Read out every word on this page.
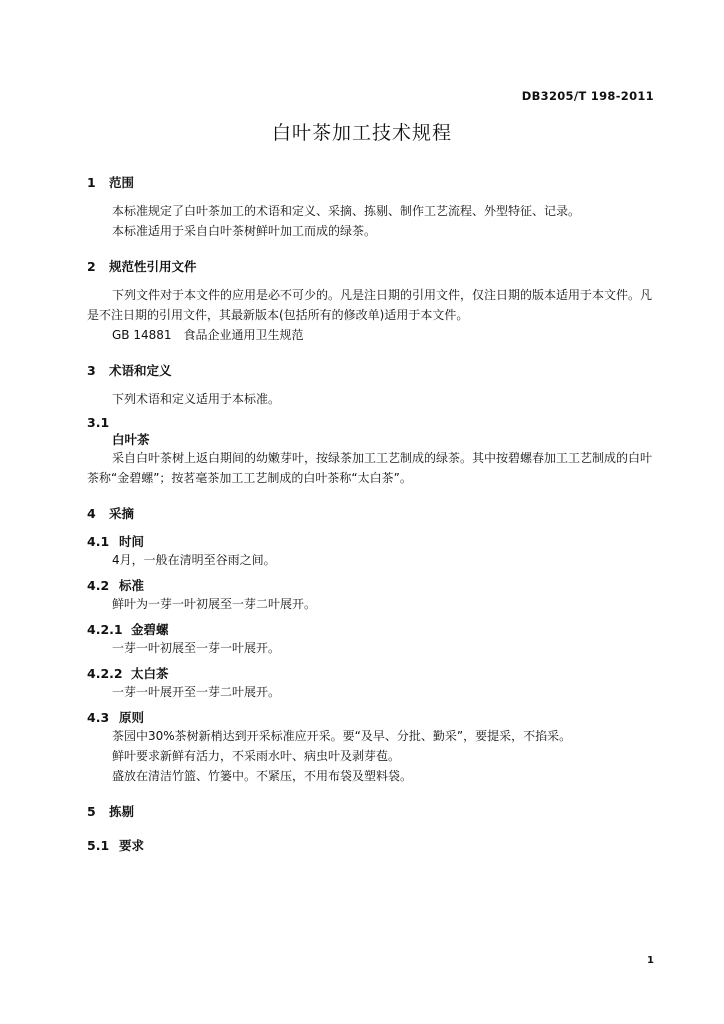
DB3205/T 198-2011
白叶茶加工技术规程
1 范围
本标准规定了白叶茶加工的术语和定义、采摘、拣剔、制作工艺流程、外型特征、记录。
本标准适用于采自白叶茶树鲜叶加工而成的绿茶。
2 规范性引用文件
下列文件对于本文件的应用是必不可少的。凡是注日期的引用文件，仅注日期的版本适用于本文件。凡是不注日期的引用文件，其最新版本(包括所有的修改单)适用于本文件。
GB 14881　食品企业通用卫生规范
3 术语和定义
下列术语和定义适用于本标准。
3.1
白叶茶
采自白叶茶树上返白期间的幼嫩芽叶，按绿茶加工工艺制成的绿茶。其中按碧螺春加工工艺制成的白叶茶称“金碧螺”；按茗毫茶加工工艺制成的白叶茶称“太白茶”。
4 采摘
4.1 时间
4月，一般在清明至谷雨之间。
4.2 标准
鲜叶为一芽一叶初展至一芽二叶展开。
4.2.1 金碧螺
一芽一叶初展至一芽一叶展开。
4.2.2 太白茶
一芽一叶展开至一芽二叶展开。
4.3 原则
茶园中30%茶树新梢达到开采标准应开采。要“及早、分批、勤采”，要提采，不掐采。
鲜叶要求新鲜有活力，不采雨水叶、病虫叶及剥芽苞。
盛放在清洁竹篮、竹篓中。不紧压，不用布袋及塑料袋。
5 拣剔
5.1 要求
1
